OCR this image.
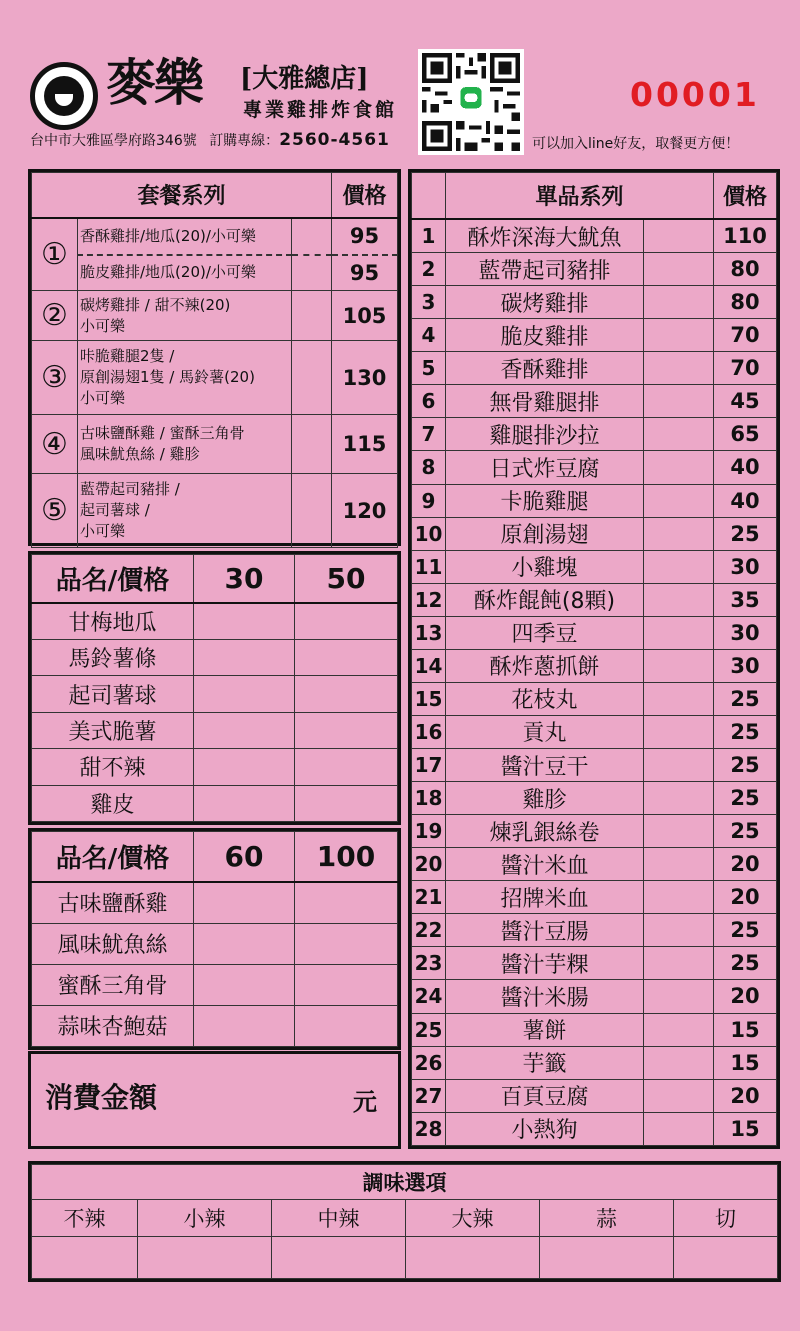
麥樂 [大雅總店]
專業雞排炸食館
台中市大雅區學府路346號 訂購專線：2560-4561
00001
可以加入line好友，取餐更方便！
套餐系列			價格
①	香酥雞排/地瓜(20)/小可樂		95
	脆皮雞排/地瓜(20)/小可樂		95
②	碳烤雞排 / 甜不辣(20)
小可樂		105
③	咔脆雞腿2隻 /
原創湯翅1隻 / 馬鈴薯(20)
小可樂		130
④	古味鹽酥雞 / 蜜酥三角骨
風味魷魚絲 / 雞胗		115
⑤	藍帶起司豬排 /
起司薯球 /
小可樂		120
品名/價格	30	50
甘梅地瓜		
馬鈴薯條		
起司薯球		
美式脆薯		
甜不辣		
雞皮		
品名/價格	60	100
古味鹽酥雞		
風味魷魚絲		
蜜酥三角骨		
蒜味杏鮑菇		
消費金額	元
	單品系列		價格
1	酥炸深海大魷魚		110
2	藍帶起司豬排		80
3	碳烤雞排		80
4	脆皮雞排		70
5	香酥雞排		70
6	無骨雞腿排		45
7	雞腿排沙拉		65
8	日式炸豆腐		40
9	卡脆雞腿		40
10	原創湯翅		25
11	小雞塊		30
12	酥炸餛飩(8顆)		35
13	四季豆		30
14	酥炸蔥抓餅		30
15	花枝丸		25
16	貢丸		25
17	醬汁豆干		25
18	雞胗		25
19	煉乳銀絲卷		25
20	醬汁米血		20
21	招牌米血		20
22	醬汁豆腸		25
23	醬汁芋粿		25
24	醬汁米腸		20
25	薯餅		15
26	芋籤		15
27	百頁豆腐		20
28	小熱狗		15
調味選項					
不辣	小辣	中辣	大辣	蒜	切
